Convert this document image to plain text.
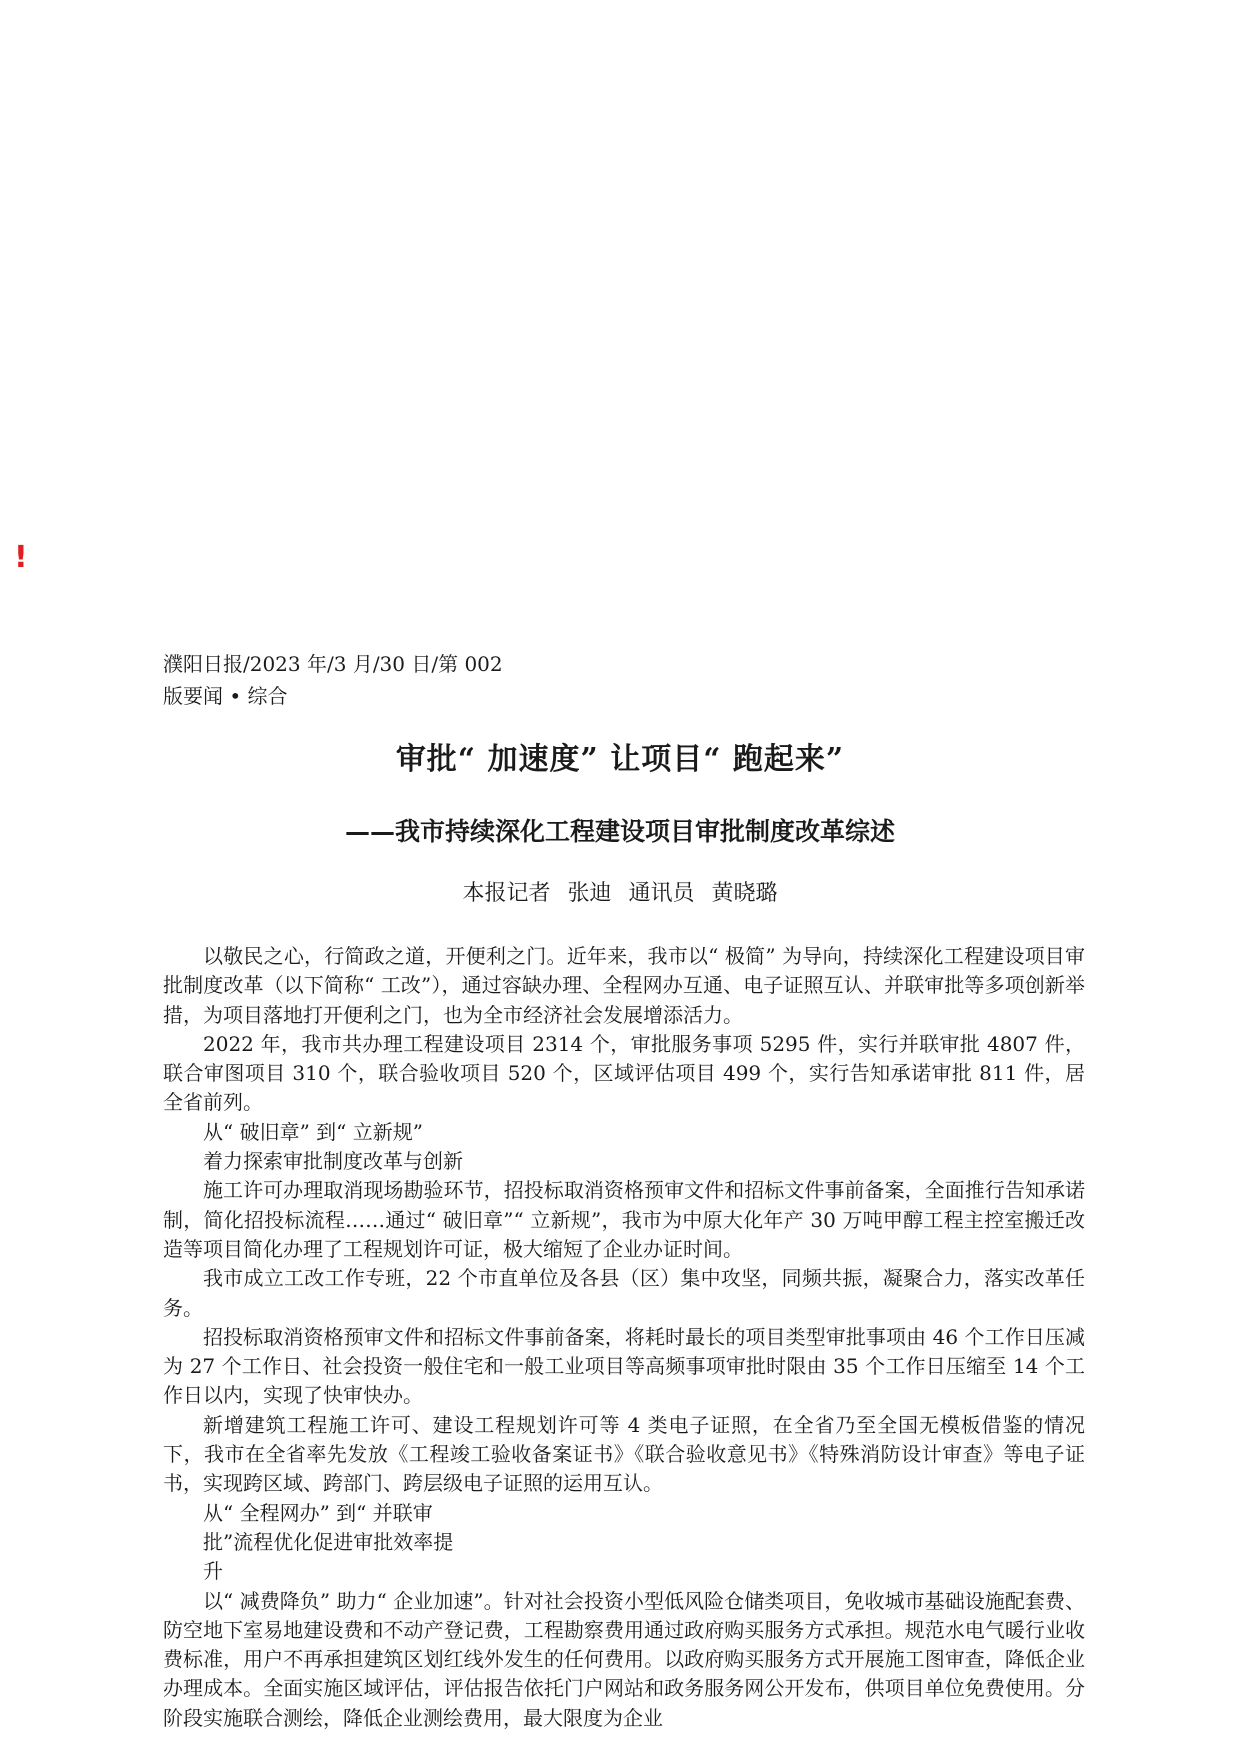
!
濮阳日报/2023 年/3 月/30 日/第 002
版要闻 • 综合
审批“ 加速度” 让项目“ 跑起来”
——我市持续深化工程建设项目审批制度改革综述
本报记者 张迪 通讯员 黄晓璐

以敬民之心，行简政之道，开便利之门。近年来，我市以“ 极简” 为导向，持续深化工程建设项目审批制度改革（以下简称“ 工改”），通过容缺办理、全程网办互通、电子证照互认、并联审批等多项创新举措，为项目落地打开便利之门，也为全市经济社会发展增添活力。

2022 年，我市共办理工程建设项目 2314 个，审批服务事项 5295 件，实行并联审批 4807 件，联合审图项目 310 个，联合验收项目 520 个，区域评估项目 499 个，实行告知承诺审批 811 件，居全省前列。

从“ 破旧章” 到“ 立新规”

着力探索审批制度改革与创新

施工许可办理取消现场勘验环节，招投标取消资格预审文件和招标文件事前备案，全面推行告知承诺制，简化招投标流程……通过“ 破旧章”“ 立新规”，我市为中原大化年产 30 万吨甲醇工程主控室搬迁改造等项目简化办理了工程规划许可证，极大缩短了企业办证时间。

我市成立工改工作专班，22 个市直单位及各县（区）集中攻坚，同频共振，凝聚合力，落实改革任务。

招投标取消资格预审文件和招标文件事前备案，将耗时最长的项目类型审批事项由 46 个工作日压减为 27 个工作日、社会投资一般住宅和一般工业项目等高频事项审批时限由 35 个工作日压缩至 14 个工作日以内，实现了快审快办。

新增建筑工程施工许可、建设工程规划许可等 4 类电子证照，在全省乃至全国无模板借鉴的情况下，我市在全省率先发放《工程竣工验收备案证书》《联合验收意见书》《特殊消防设计审查》等电子证书，实现跨区域、跨部门、跨层级电子证照的运用互认。

从“ 全程网办” 到“ 并联审

批”流程优化促进审批效率提

升

以“ 减费降负” 助力“ 企业加速”。针对社会投资小型低风险仓储类项目，免收城市基础设施配套费、防空地下室易地建设费和不动产登记费，工程勘察费用通过政府购买服务方式承担。规范水电气暖行业收费标准，用户不再承担建筑区划红线外发生的任何费用。以政府购买服务方式开展施工图审查，降低企业办理成本。全面实施区域评估，评估报告依托门户网站和政务服务网公开发布，供项目单位免费使用。分阶段实施联合测绘，降低企业测绘费用，最大限度为企业
